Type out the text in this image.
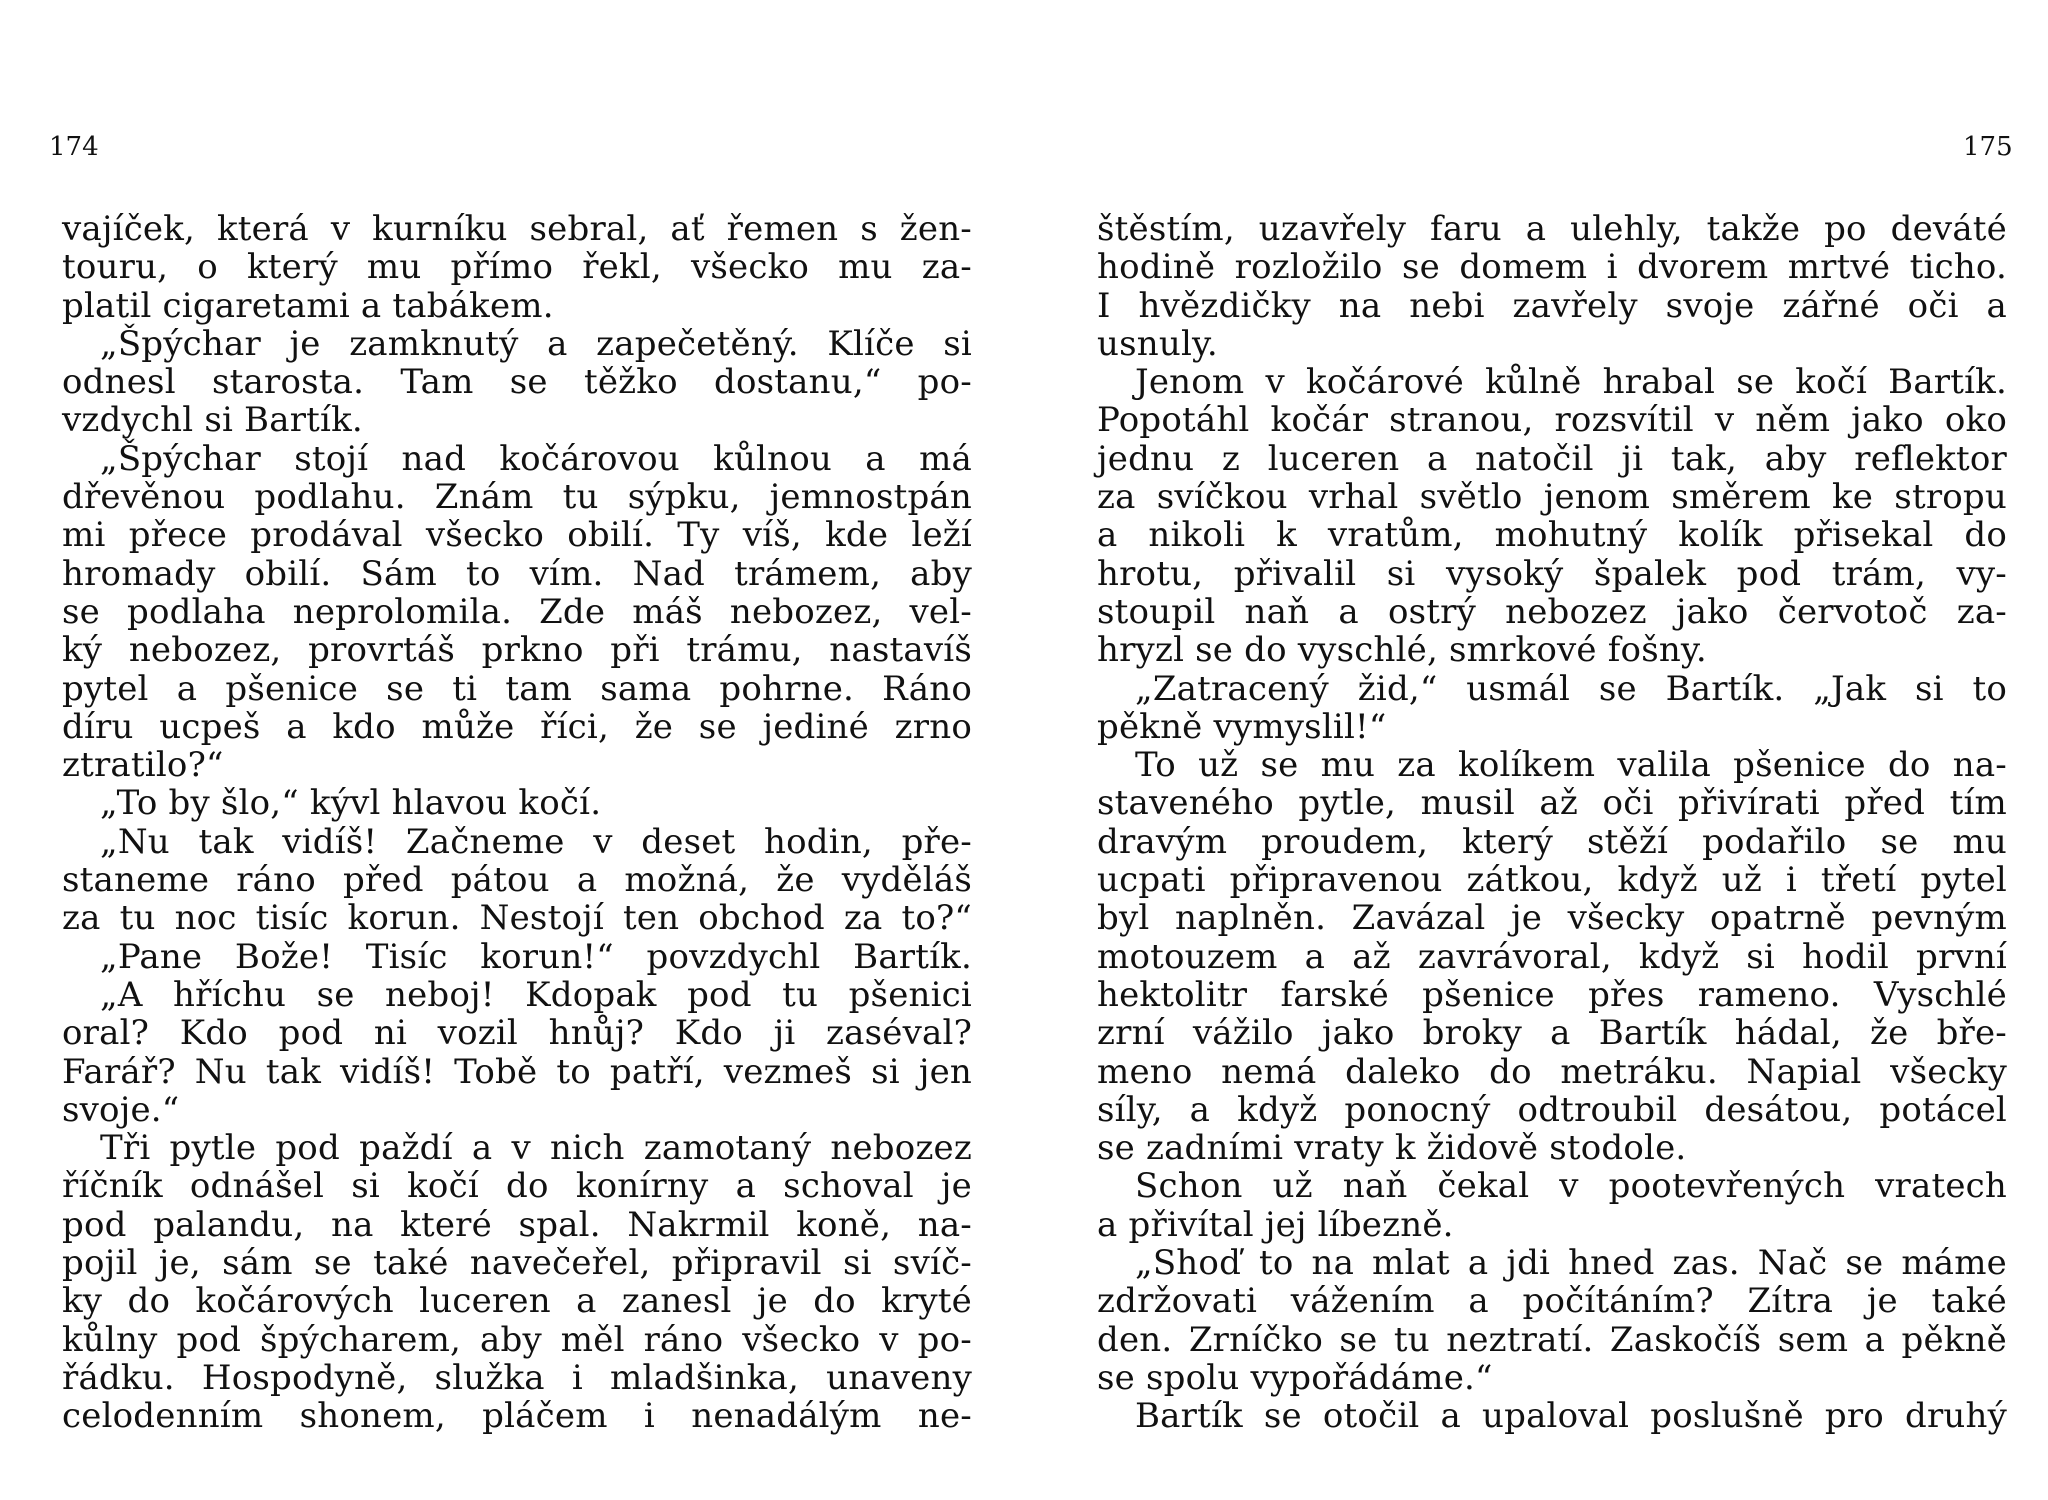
174	175
vajíček, která v kurníku sebral, ať řemen s žen-
touru, o který mu přímo řekl, všecko mu za-
platil cigaretami a tabákem.
„Špýchar je zamknutý a zapečetěný. Klíče si
odnesl starosta. Tam se těžko dostanu,“ po-
vzdychl si Bartík.
„Špýchar stojí nad kočárovou kůlnou a má
dřevěnou podlahu. Znám tu sýpku, jemnostpán
mi přece prodával všecko obilí. Ty víš, kde leží
hromady obilí. Sám to vím. Nad trámem, aby
se podlaha neprolomila. Zde máš nebozez, vel-
ký nebozez, provrtáš prkno při trámu, nastavíš
pytel a pšenice se ti tam sama pohrne. Ráno
díru ucpeš a kdo může říci, že se jediné zrno
ztratilo?“
„To by šlo,“ kývl hlavou kočí.
„Nu tak vidíš! Začneme v deset hodin, pře-
staneme ráno před pátou a možná, že vyděláš
za tu noc tisíc korun. Nestojí ten obchod za to?“
„Pane Bože! Tisíc korun!“ povzdychl Bartík.
„A hříchu se neboj! Kdopak pod tu pšenici
oral? Kdo pod ni vozil hnůj? Kdo ji zaséval?
Farář? Nu tak vidíš! Tobě to patří, vezmeš si jen
svoje.“
Tři pytle pod paždí a v nich zamotaný nebozez
říčník odnášel si kočí do konírny a schoval je
pod palandu, na které spal. Nakrmil koně, na-
pojil je, sám se také navečeřel, připravil si svíč-
ky do kočárových luceren a zanesl je do kryté
kůlny pod špýcharem, aby měl ráno všecko v po-
řádku. Hospodyně, služka i mladšinka, unaveny
celodenním shonem, pláčem i nenadálým ne-
štěstím, uzavřely faru a ulehly, takže po deváté
hodině rozložilo se domem i dvorem mrtvé ticho.
I hvězdičky na nebi zavřely svoje zářné oči a
usnuly.
Jenom v kočárové kůlně hrabal se kočí Bartík.
Popotáhl kočár stranou, rozsvítil v něm jako oko
jednu z luceren a natočil ji tak, aby reflektor
za svíčkou vrhal světlo jenom směrem ke stropu
a nikoli k vratům, mohutný kolík přisekal do
hrotu, přivalil si vysoký špalek pod trám, vy-
stoupil naň a ostrý nebozez jako červotoč za-
hryzl se do vyschlé, smrkové fošny.
„Zatracený žid,“ usmál se Bartík. „Jak si to
pěkně vymyslil!“
To už se mu za kolíkem valila pšenice do na-
staveného pytle, musil až oči přivírati před tím
dravým proudem, který stěží podařilo se mu
ucpati připravenou zátkou, když už i třetí pytel
byl naplněn. Zavázal je všecky opatrně pevným
motouzem a až zavrávoral, když si hodil první
hektolitr farské pšenice přes rameno. Vyschlé
zrní vážilo jako broky a Bartík hádal, že bře-
meno nemá daleko do metráku. Napial všecky
síly, a když ponocný odtroubil desátou, potácel
se zadními vraty k židově stodole.
Schon už naň čekal v pootevřených vratech
a přivítal jej líbezně.
„Shoď to na mlat a jdi hned zas. Nač se máme
zdržovati vážením a počítáním? Zítra je také
den. Zrníčko se tu neztratí. Zaskočíš sem a pěkně
se spolu vypořádáme.“
Bartík se otočil a upaloval poslušně pro druhý
